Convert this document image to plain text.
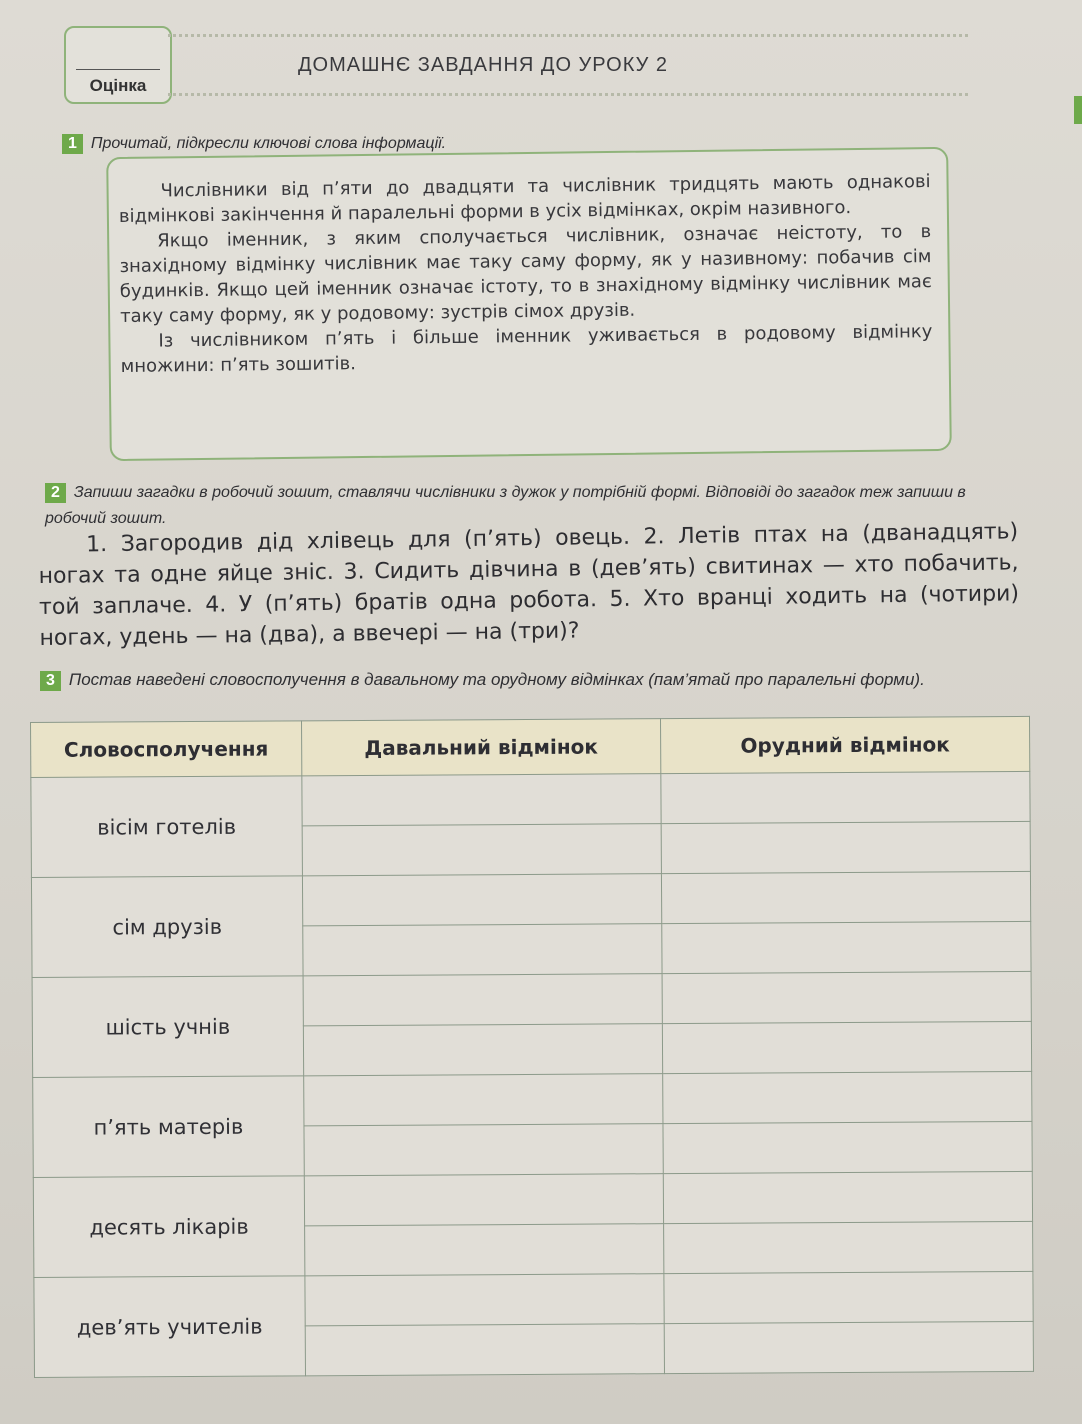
Оцінка
ДОМАШНЄ ЗАВДАННЯ ДО УРОКУ 2
1 Прочитай, підкресли ключові слова інформації.

Числівники від п’яти до двадцяти та числівник тридцять мають однакові відмінкові закінчення й паралельні форми в усіх відмінках, окрім називного.

Якщо іменник, з яким сполучається числівник, означає неістоту, то в знахідному відмінку числівник має таку саму форму, як у називному: побачив сім будинків. Якщо цей іменник означає істоту, то в знахідному відмінку числівник має таку саму форму, як у родовому: зустрів сімох друзів.

Із числівником п’ять і більше іменник уживається в родовому відмінку множини: п’ять зошитів.

2 Запиши загадки в робочий зошит, ставлячи числівники з дужок у потрібній формі. Відповіді до загадок теж запиши в робочий зошит.

1. Загородив дід хлівець для (п’ять) овець. 2. Летів птах на (дванадцять) ногах та одне яйце зніс. 3. Сидить дівчина в (дев’ять) свитинах — хто побачить, той заплаче. 4. У (п’ять) братів одна робота. 5. Хто вранці ходить на (чотири) ногах, удень — на (два), а ввечері — на (три)?

3 Постав наведені словосполучення в давальному та орудному відмінках (пам’ятай про паралельні форми).
Словосполучення	Давальний відмінок	Орудний відмінок
вісім готелів		

сім друзів		

шість учнів		

п’ять матерів		

десять лікарів		

дев’ять учителів		
